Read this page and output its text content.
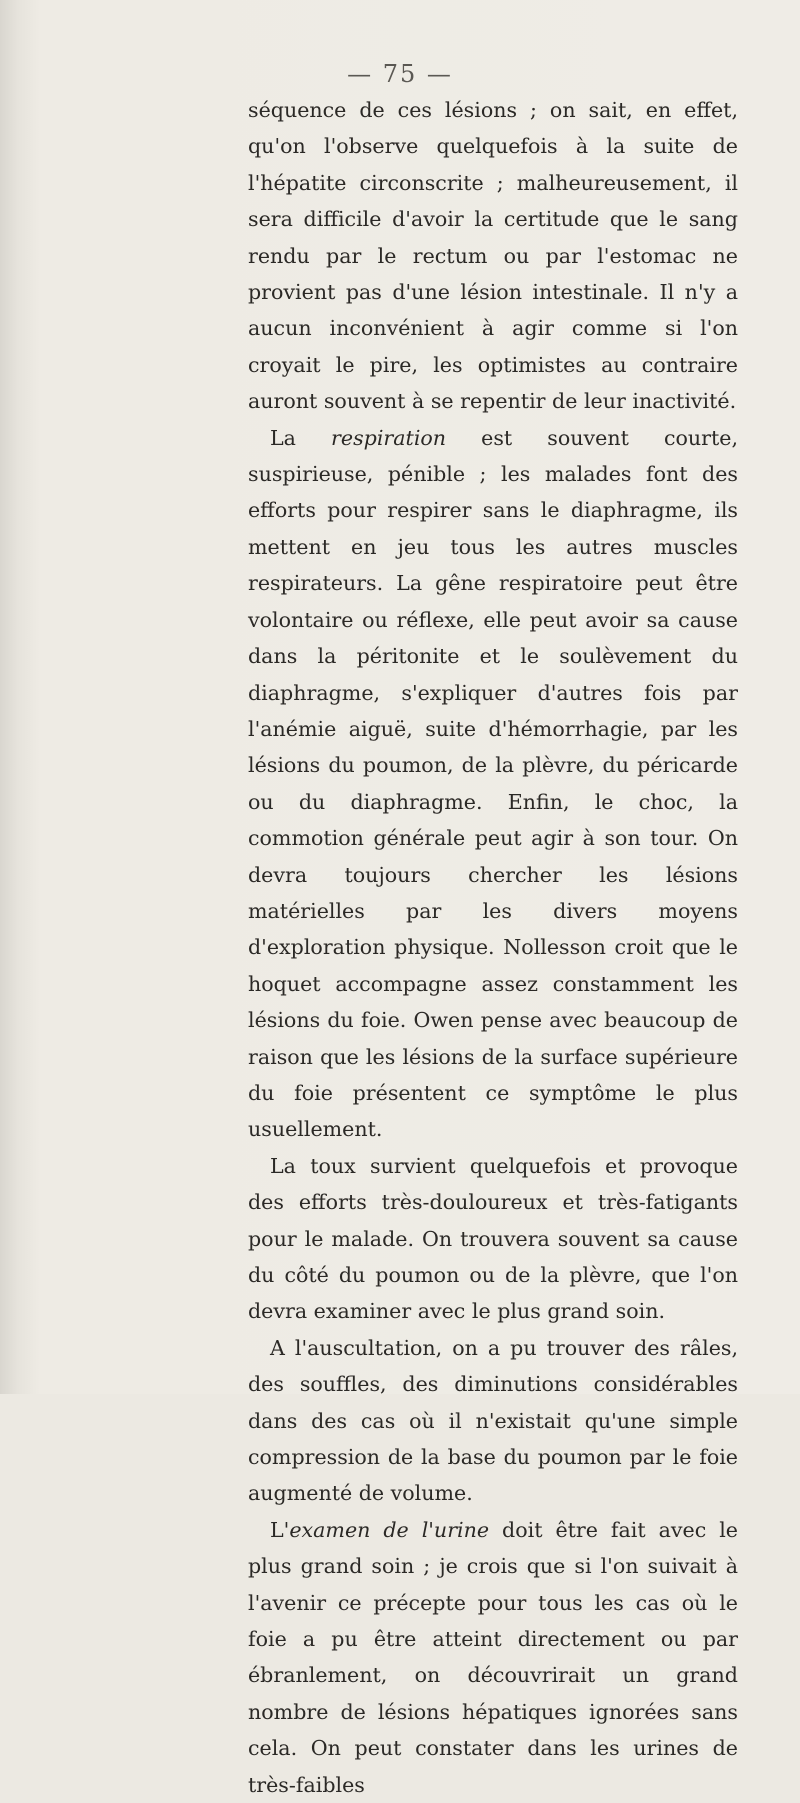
— 75 —

séquence de ces lésions ; on sait, en effet, qu'on l'observe quelquefois à la suite de l'hépatite circonscrite ; malheureusement, il sera difficile d'avoir la certitude que le sang rendu par le rectum ou par l'estomac ne provient pas d'une lésion intestinale. Il n'y a aucun inconvénient à agir comme si l'on croyait le pire, les optimistes au contraire auront souvent à se repentir de leur inactivité.

La respiration est souvent courte, suspirieuse, pénible ; les malades font des efforts pour respirer sans le diaphragme, ils mettent en jeu tous les autres muscles respirateurs. La gêne respiratoire peut être volontaire ou réflexe, elle peut avoir sa cause dans la péritonite et le soulèvement du diaphragme, s'expliquer d'autres fois par l'anémie aiguë, suite d'hémorrhagie, par les lésions du poumon, de la plèvre, du péricarde ou du diaphragme. Enfin, le choc, la commotion générale peut agir à son tour. On devra toujours chercher les lésions matérielles par les divers moyens d'exploration physique. Nollesson croit que le hoquet accompagne assez constamment les lésions du foie. Owen pense avec beaucoup de raison que les lésions de la surface supérieure du foie présentent ce symptôme le plus usuellement.

La toux survient quelquefois et provoque des efforts très-douloureux et très-fatigants pour le malade. On trouvera souvent sa cause du côté du poumon ou de la plèvre, que l'on devra examiner avec le plus grand soin.

A l'auscultation, on a pu trouver des râles, des souffles, des diminutions considérables dans des cas où il n'existait qu'une simple compression de la base du poumon par le foie augmenté de volume.

L'examen de l'urine doit être fait avec le plus grand soin ; je crois que si l'on suivait à l'avenir ce précepte pour tous les cas où le foie a pu être atteint directement ou par ébranlement, on découvrirait un grand nombre de lésions hépatiques ignorées sans cela. On peut constater dans les urines de très-faibles
